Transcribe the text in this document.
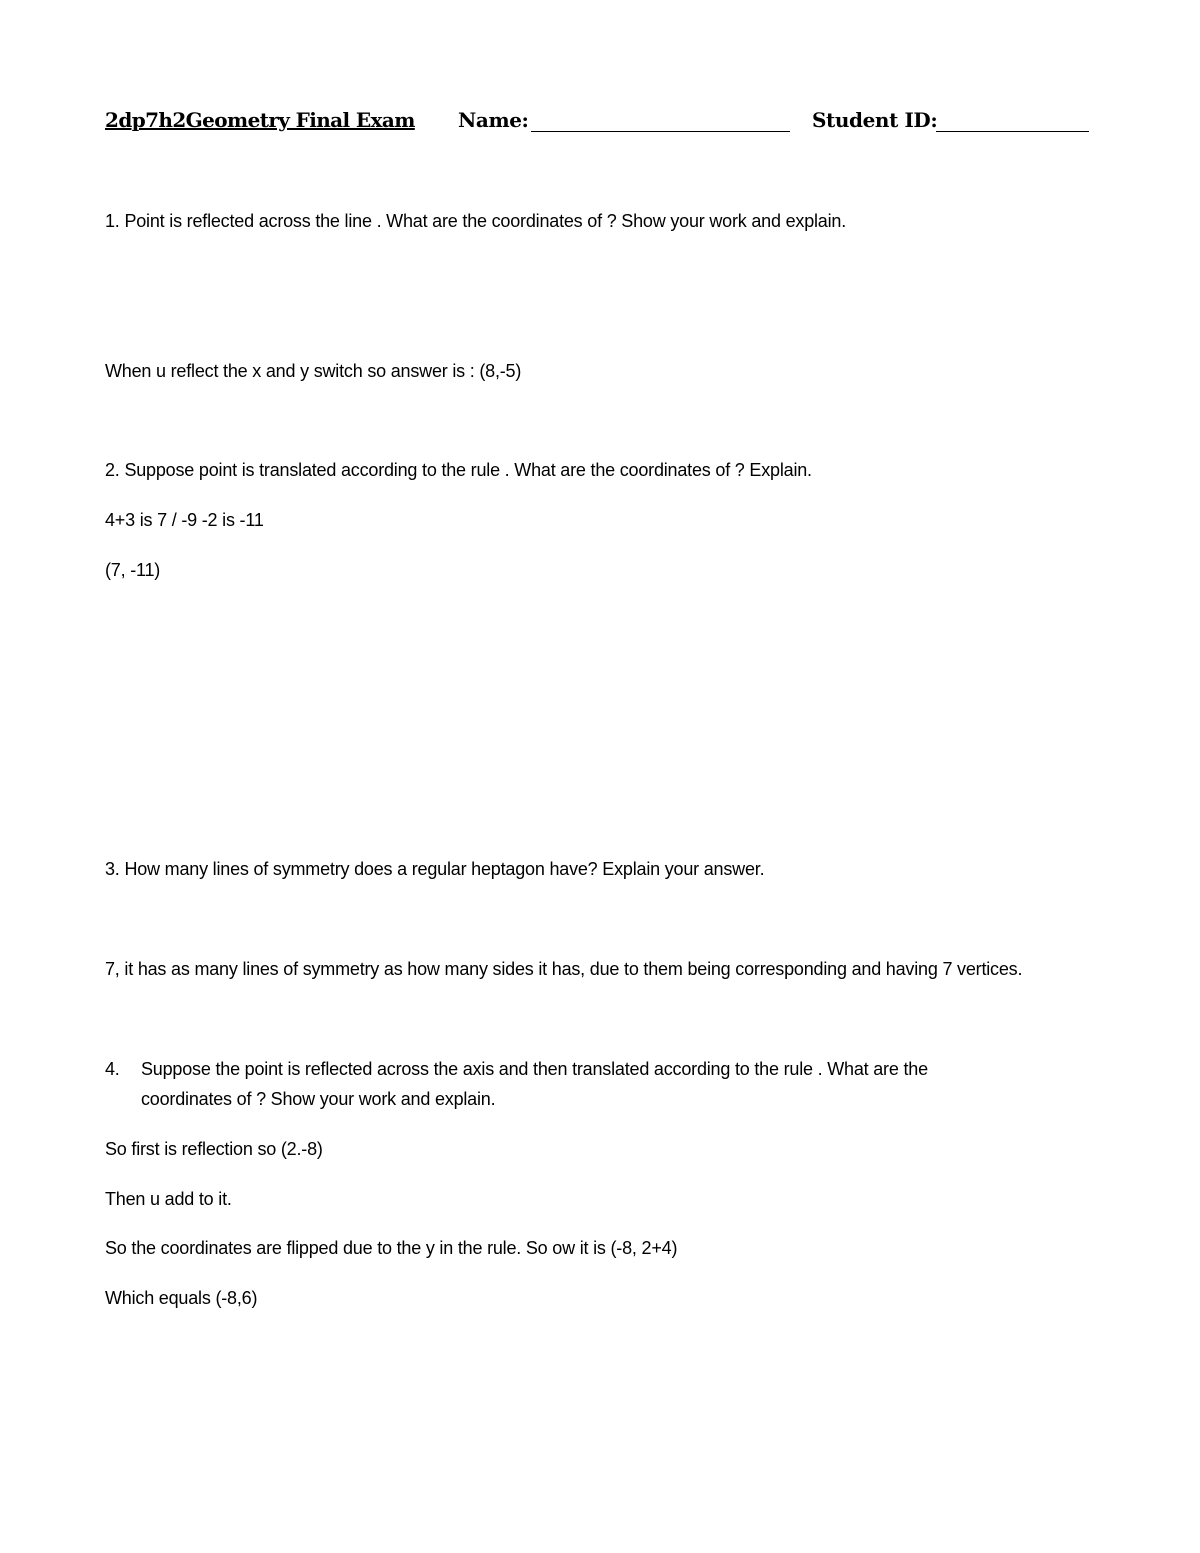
2dp7h2Geometry Final Exam Name:	Student ID:
1. Point is reflected across the line . What are the coordinates of ? Show your work and explain.
When u reflect the x and y switch so answer is : (8,-5)
2. Suppose point is translated according to the rule . What are the coordinates of ? Explain.
4+3 is 7 / -9 -2 is -11
(7, -11)
3. How many lines of symmetry does a regular heptagon have? Explain your answer.
7, it has as many lines of symmetry as how many sides it has, due to them being corresponding and having 7 vertices.
4. Suppose the point is reflected across the axis and then translated according to the rule . What are the
coordinates of ? Show your work and explain.
So first is reflection so (2.-8)
Then u add to it.
So the coordinates are flipped due to the y in the rule. So ow it is (-8, 2+4)
Which equals (-8,6)
